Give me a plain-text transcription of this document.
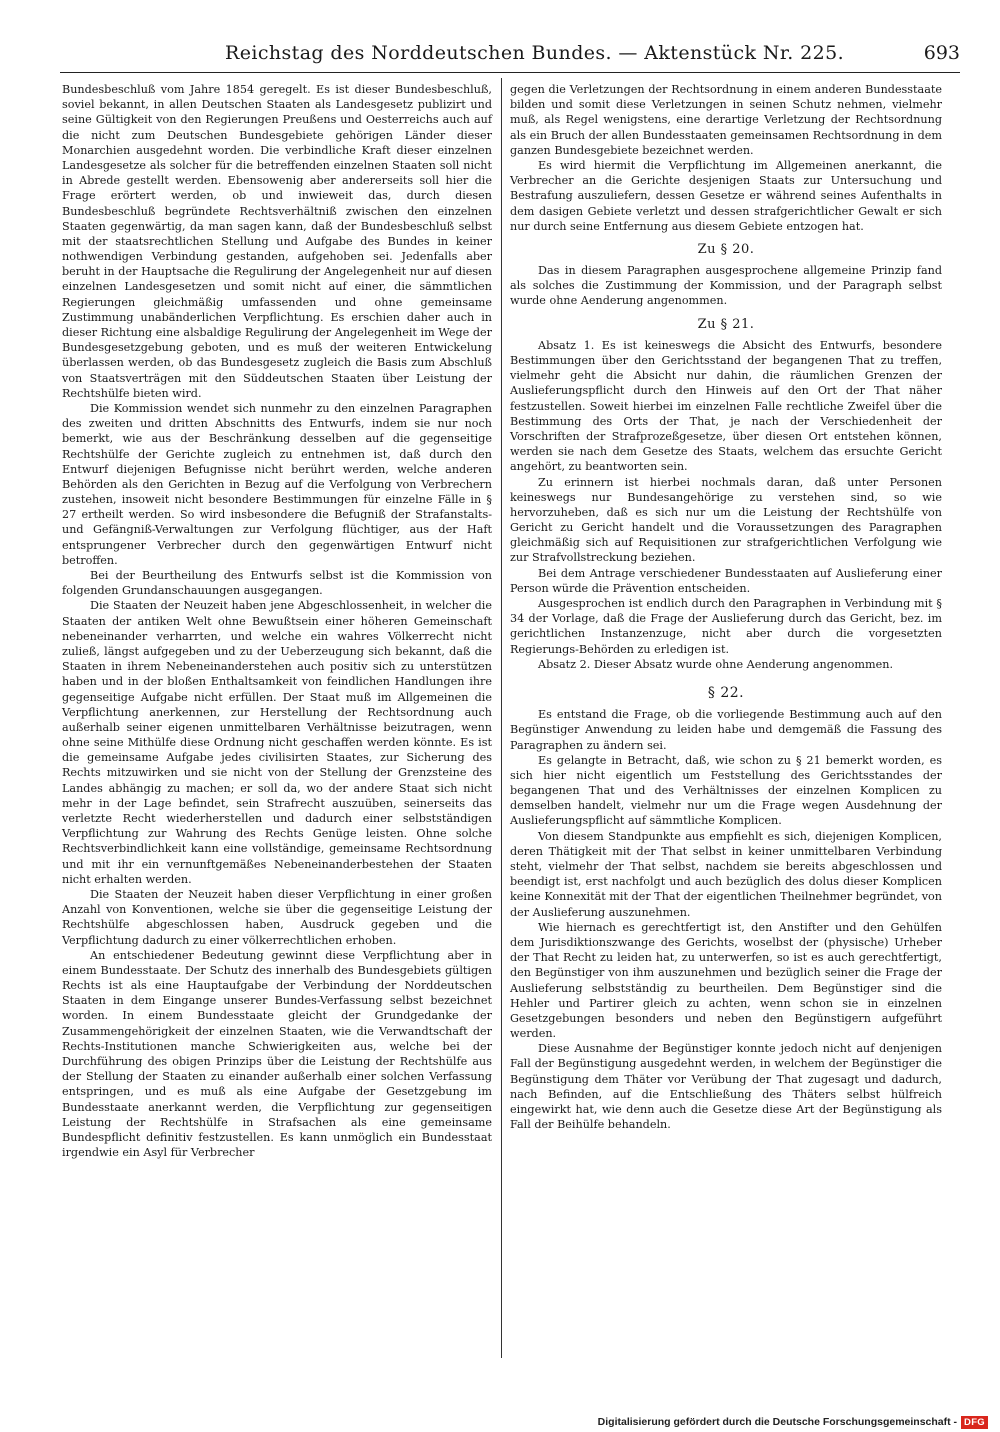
Reichstag des Norddeutschen Bundes. — Aktenstück Nr. 225.	693

Bundesbeschluß vom Jahre 1854 geregelt. Es ist dieser Bundesbeschluß, soviel bekannt, in allen Deutschen Staaten als Landesgesetz publizirt und seine Gültigkeit von den Regierungen Preußens und Oesterreichs auch auf die nicht zum Deutschen Bundesgebiete gehörigen Länder dieser Monarchien ausgedehnt worden. Die verbindliche Kraft dieser einzelnen Landesgesetze als solcher für die betreffenden einzelnen Staaten soll nicht in Abrede gestellt werden. Ebensowenig aber andererseits soll hier die Frage erörtert werden, ob und inwieweit das, durch diesen Bundesbeschluß begründete Rechtsverhältniß zwischen den einzelnen Staaten gegenwärtig, da man sagen kann, daß der Bundesbeschluß selbst mit der staatsrechtlichen Stellung und Aufgabe des Bundes in keiner nothwendigen Verbindung gestanden, aufgehoben sei. Jedenfalls aber beruht in der Hauptsache die Regulirung der Angelegenheit nur auf diesen einzelnen Landesgesetzen und somit nicht auf einer, die sämmtlichen Regierungen gleichmäßig umfassenden und ohne gemeinsame Zustimmung unabänderlichen Verpflichtung. Es erschien daher auch in dieser Richtung eine alsbaldige Regulirung der Angelegenheit im Wege der Bundesgesetzgebung geboten, und es muß der weiteren Entwickelung überlassen werden, ob das Bundesgesetz zugleich die Basis zum Abschluß von Staatsverträgen mit den Süddeutschen Staaten über Leistung der Rechtshülfe bieten wird.

Die Kommission wendet sich nunmehr zu den einzelnen Paragraphen des zweiten und dritten Abschnitts des Entwurfs, indem sie nur noch bemerkt, wie aus der Beschränkung desselben auf die gegenseitige Rechtshülfe der Gerichte zugleich zu entnehmen ist, daß durch den Entwurf diejenigen Befugnisse nicht berührt werden, welche anderen Behörden als den Gerichten in Bezug auf die Verfolgung von Verbrechern zustehen, insoweit nicht besondere Bestimmungen für einzelne Fälle in § 27 ertheilt werden. So wird insbesondere die Befugniß der Strafanstalts- und Gefängniß-Verwaltungen zur Verfolgung flüchtiger, aus der Haft entsprungener Verbrecher durch den gegenwärtigen Entwurf nicht betroffen.

Bei der Beurtheilung des Entwurfs selbst ist die Kommission von folgenden Grundanschauungen ausgegangen.

Die Staaten der Neuzeit haben jene Abgeschlossenheit, in welcher die Staaten der antiken Welt ohne Bewußtsein einer höheren Gemeinschaft nebeneinander verharrten, und welche ein wahres Völkerrecht nicht zuließ, längst aufgegeben und zu der Ueberzeugung sich bekannt, daß die Staaten in ihrem Nebeneinanderstehen auch positiv sich zu unterstützen haben und in der bloßen Enthaltsamkeit von feindlichen Handlungen ihre gegenseitige Aufgabe nicht erfüllen. Der Staat muß im Allgemeinen die Verpflichtung anerkennen, zur Herstellung der Rechtsordnung auch außerhalb seiner eigenen unmittelbaren Verhältnisse beizutragen, wenn ohne seine Mithülfe diese Ordnung nicht geschaffen werden könnte. Es ist die gemeinsame Aufgabe jedes civilisirten Staates, zur Sicherung des Rechts mitzuwirken und sie nicht von der Stellung der Grenzsteine des Landes abhängig zu machen; er soll da, wo der andere Staat sich nicht mehr in der Lage befindet, sein Strafrecht auszuüben, seinerseits das verletzte Recht wiederherstellen und dadurch einer selbstständigen Verpflichtung zur Wahrung des Rechts Genüge leisten. Ohne solche Rechtsverbindlichkeit kann eine vollständige, gemeinsame Rechtsordnung und mit ihr ein vernunftgemäßes Nebeneinanderbestehen der Staaten nicht erhalten werden.

Die Staaten der Neuzeit haben dieser Verpflichtung in einer großen Anzahl von Konventionen, welche sie über die gegenseitige Leistung der Rechtshülfe abgeschlossen haben, Ausdruck gegeben und die Verpflichtung dadurch zu einer völkerrechtlichen erhoben.

An entschiedener Bedeutung gewinnt diese Verpflichtung aber in einem Bundesstaate. Der Schutz des innerhalb des Bundesgebiets gültigen Rechts ist als eine Hauptaufgabe der Verbindung der Norddeutschen Staaten in dem Eingange unserer Bundes-Verfassung selbst bezeichnet worden. In einem Bundesstaate gleicht der Grundgedanke der Zusammengehörigkeit der einzelnen Staaten, wie die Verwandtschaft der Rechts-Institutionen manche Schwierigkeiten aus, welche bei der Durchführung des obigen Prinzips über die Leistung der Rechtshülfe aus der Stellung der Staaten zu einander außerhalb einer solchen Verfassung entspringen, und es muß als eine Aufgabe der Gesetzgebung im Bundesstaate anerkannt werden, die Verpflichtung zur gegenseitigen Leistung der Rechtshülfe in Strafsachen als eine gemeinsame Bundespflicht definitiv festzustellen. Es kann unmöglich ein Bundesstaat irgendwie ein Asyl für Verbrecher

gegen die Verletzungen der Rechtsordnung in einem anderen Bundesstaate bilden und somit diese Verletzungen in seinen Schutz nehmen, vielmehr muß, als Regel wenigstens, eine derartige Verletzung der Rechtsordnung als ein Bruch der allen Bundesstaaten gemeinsamen Rechtsordnung in dem ganzen Bundesgebiete bezeichnet werden.

Es wird hiermit die Verpflichtung im Allgemeinen anerkannt, die Verbrecher an die Gerichte desjenigen Staats zur Untersuchung und Bestrafung auszuliefern, dessen Gesetze er während seines Aufenthalts in dem dasigen Gebiete verletzt und dessen strafgerichtlicher Gewalt er sich nur durch seine Entfernung aus diesem Gebiete entzogen hat.

Zu § 20.

Das in diesem Paragraphen ausgesprochene allgemeine Prinzip fand als solches die Zustimmung der Kommission, und der Paragraph selbst wurde ohne Aenderung angenommen.

Zu § 21.

Absatz 1. Es ist keineswegs die Absicht des Entwurfs, besondere Bestimmungen über den Gerichtsstand der begangenen That zu treffen, vielmehr geht die Absicht nur dahin, die räumlichen Grenzen der Auslieferungspflicht durch den Hinweis auf den Ort der That näher festzustellen. Soweit hierbei im einzelnen Falle rechtliche Zweifel über die Bestimmung des Orts der That, je nach der Verschiedenheit der Vorschriften der Strafprozeßgesetze, über diesen Ort entstehen können, werden sie nach dem Gesetze des Staats, welchem das ersuchte Gericht angehört, zu beantworten sein.

Zu erinnern ist hierbei nochmals daran, daß unter Personen keineswegs nur Bundesangehörige zu verstehen sind, so wie hervorzuheben, daß es sich nur um die Leistung der Rechtshülfe von Gericht zu Gericht handelt und die Voraussetzungen des Paragraphen gleichmäßig sich auf Requisitionen zur strafgerichtlichen Verfolgung wie zur Strafvollstreckung beziehen.

Bei dem Antrage verschiedener Bundesstaaten auf Auslieferung einer Person würde die Prävention entscheiden.

Ausgesprochen ist endlich durch den Paragraphen in Verbindung mit § 34 der Vorlage, daß die Frage der Auslieferung durch das Gericht, bez. im gerichtlichen Instanzenzuge, nicht aber durch die vorgesetzten Regierungs-Behörden zu erledigen ist.

Absatz 2. Dieser Absatz wurde ohne Aenderung angenommen.

§ 22.

Es entstand die Frage, ob die vorliegende Bestimmung auch auf den Begünstiger Anwendung zu leiden habe und demgemäß die Fassung des Paragraphen zu ändern sei.

Es gelangte in Betracht, daß, wie schon zu § 21 bemerkt worden, es sich hier nicht eigentlich um Feststellung des Gerichtsstandes der begangenen That und des Verhältnisses der einzelnen Komplicen zu demselben handelt, vielmehr nur um die Frage wegen Ausdehnung der Auslieferungspflicht auf sämmtliche Komplicen.

Von diesem Standpunkte aus empfiehlt es sich, diejenigen Komplicen, deren Thätigkeit mit der That selbst in keiner unmittelbaren Verbindung steht, vielmehr der That selbst, nachdem sie bereits abgeschlossen und beendigt ist, erst nachfolgt und auch bezüglich des dolus dieser Komplicen keine Konnexität mit der That der eigentlichen Theilnehmer begründet, von der Auslieferung auszunehmen.

Wie hiernach es gerechtfertigt ist, den Anstifter und den Gehülfen dem Jurisdiktionszwange des Gerichts, woselbst der (physische) Urheber der That Recht zu leiden hat, zu unterwerfen, so ist es auch gerechtfertigt, den Begünstiger von ihm auszunehmen und bezüglich seiner die Frage der Auslieferung selbstständig zu beurtheilen. Dem Begünstiger sind die Hehler und Partirer gleich zu achten, wenn schon sie in einzelnen Gesetzgebungen besonders und neben den Begünstigern aufgeführt werden.

Diese Ausnahme der Begünstiger konnte jedoch nicht auf denjenigen Fall der Begünstigung ausgedehnt werden, in welchem der Begünstiger die Begünstigung dem Thäter vor Verübung der That zugesagt und dadurch, nach Befinden, auf die Entschließung des Thäters selbst hülfreich eingewirkt hat, wie denn auch die Gesetze diese Art der Begünstigung als Fall der Beihülfe behandeln.

Digitalisierung gefördert durch die Deutsche Forschungsgemeinschaft - DFG
